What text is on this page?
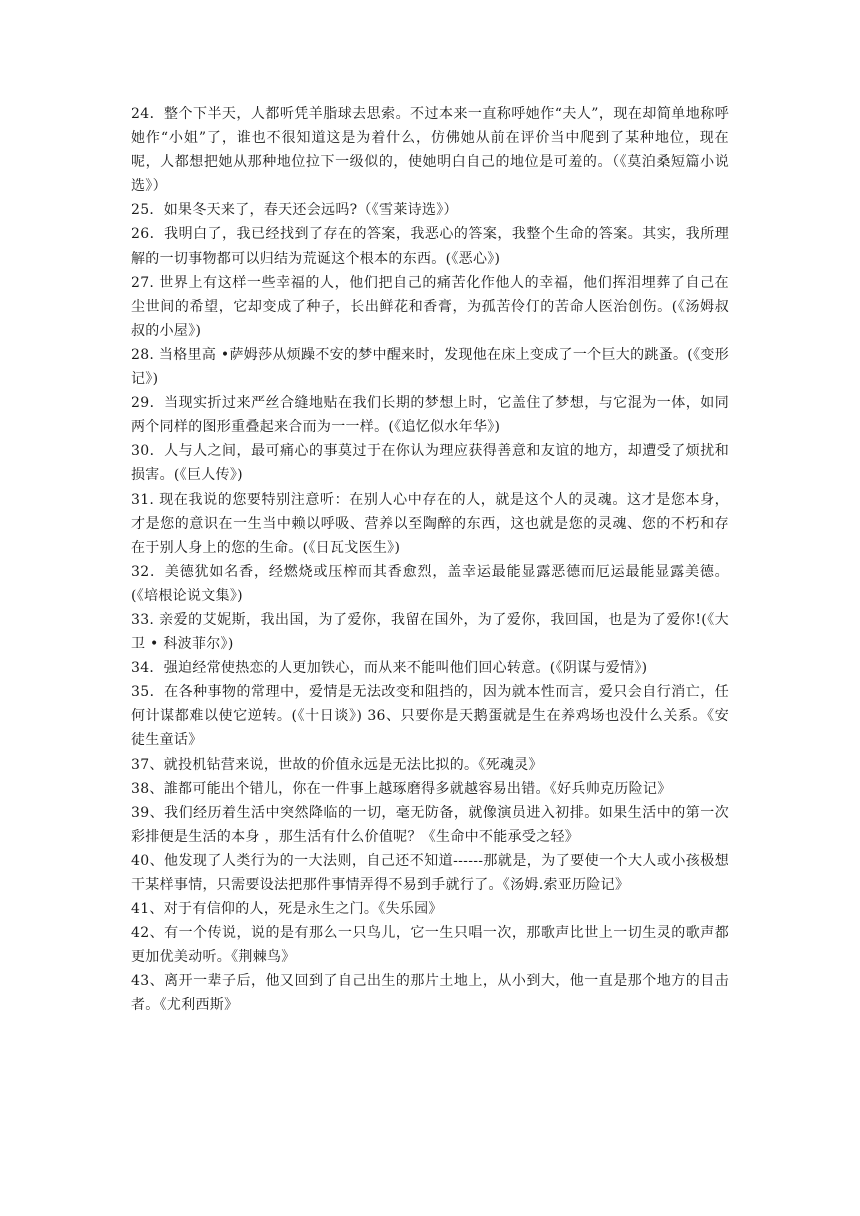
24．整个下半天，人都听凭羊脂球去思索。不过本来一直称呼她作“夫人”，现在却简单地称呼她作“小姐”了，谁也不很知道这是为着什么，仿佛她从前在评价当中爬到了某种地位，现在呢，人都想把她从那种地位拉下一级似的，使她明白自己的地位是可羞的。（《莫泊桑短篇小说选》）

25．如果冬天来了，春天还会远吗?（《雪莱诗选》）

26．我明白了，我已经找到了存在的答案，我恶心的答案，我整个生命的答案。其实，我所理解的一切事物都可以归结为荒诞这个根本的东西。(《恶心》)

27. 世界上有这样一些幸福的人，他们把自己的痛苦化作他人的幸福，他们挥泪埋葬了自己在尘世间的希望，它却变成了种子，长出鲜花和香膏，为孤苦伶仃的苦命人医治创伤。(《汤姆叔叔的小屋》)

28. 当格里高 •萨姆莎从烦躁不安的梦中醒来时，发现他在床上变成了一个巨大的跳蚤。(《变形记》)

29．当现实折过来严丝合缝地贴在我们长期的梦想上时，它盖住了梦想，与它混为一体，如同两个同样的图形重叠起来合而为一一样。(《追忆似水年华》)

30．人与人之间，最可痛心的事莫过于在你认为理应获得善意和友谊的地方，却遭受了烦扰和损害。(《巨人传》)

31. 现在我说的您要特别注意听：在别人心中存在的人，就是这个人的灵魂。这才是您本身，才是您的意识在一生当中赖以呼吸、营养以至陶醉的东西，这也就是您的灵魂、您的不朽和存在于别人身上的您的生命。(《日瓦戈医生》)

32．美德犹如名香，经燃烧或压榨而其香愈烈，盖幸运最能显露恶德而厄运最能显露美德。(《培根论说文集》)

33. 亲爱的艾妮斯，我出国，为了爱你，我留在国外，为了爱你，我回国，也是为了爱你!(《大卫 • 科波菲尔》)

34．强迫经常使热恋的人更加铁心，而从来不能叫他们回心转意。(《阴谋与爱情》)

35．在各种事物的常理中，爱情是无法改变和阻挡的，因为就本性而言，爱只会自行消亡，任何计谋都难以使它逆转。(《十日谈》) 36、只要你是天鹅蛋就是生在养鸡场也没什么关系。《安徒生童话》

37、就投机钻营来说，世故的价值永远是无法比拟的。《死魂灵》

38、誰都可能出个错儿，你在一件事上越琢磨得多就越容易出错。《好兵帅克历险记》

39、我们经历着生活中突然降临的一切，毫无防备，就像演员进入初排。如果生活中的第一次彩排便是生活的本身 ，那生活有什么价值呢？《生命中不能承受之轻》

40、他发现了人类行为的一大法则，自己还不知道------那就是，为了要使一个大人或小孩极想干某样事情，只需要设法把那件事情弄得不易到手就行了。《汤姆.索亚历险记》

41、对于有信仰的人，死是永生之门。《失乐园》

42、有一个传说，说的是有那么一只鸟儿，它一生只唱一次，那歌声比世上一切生灵的歌声都更加优美动听。《荆棘鸟》

43、离开一辈子后，他又回到了自己出生的那片土地上，从小到大，他一直是那个地方的目击者。《尤利西斯》
